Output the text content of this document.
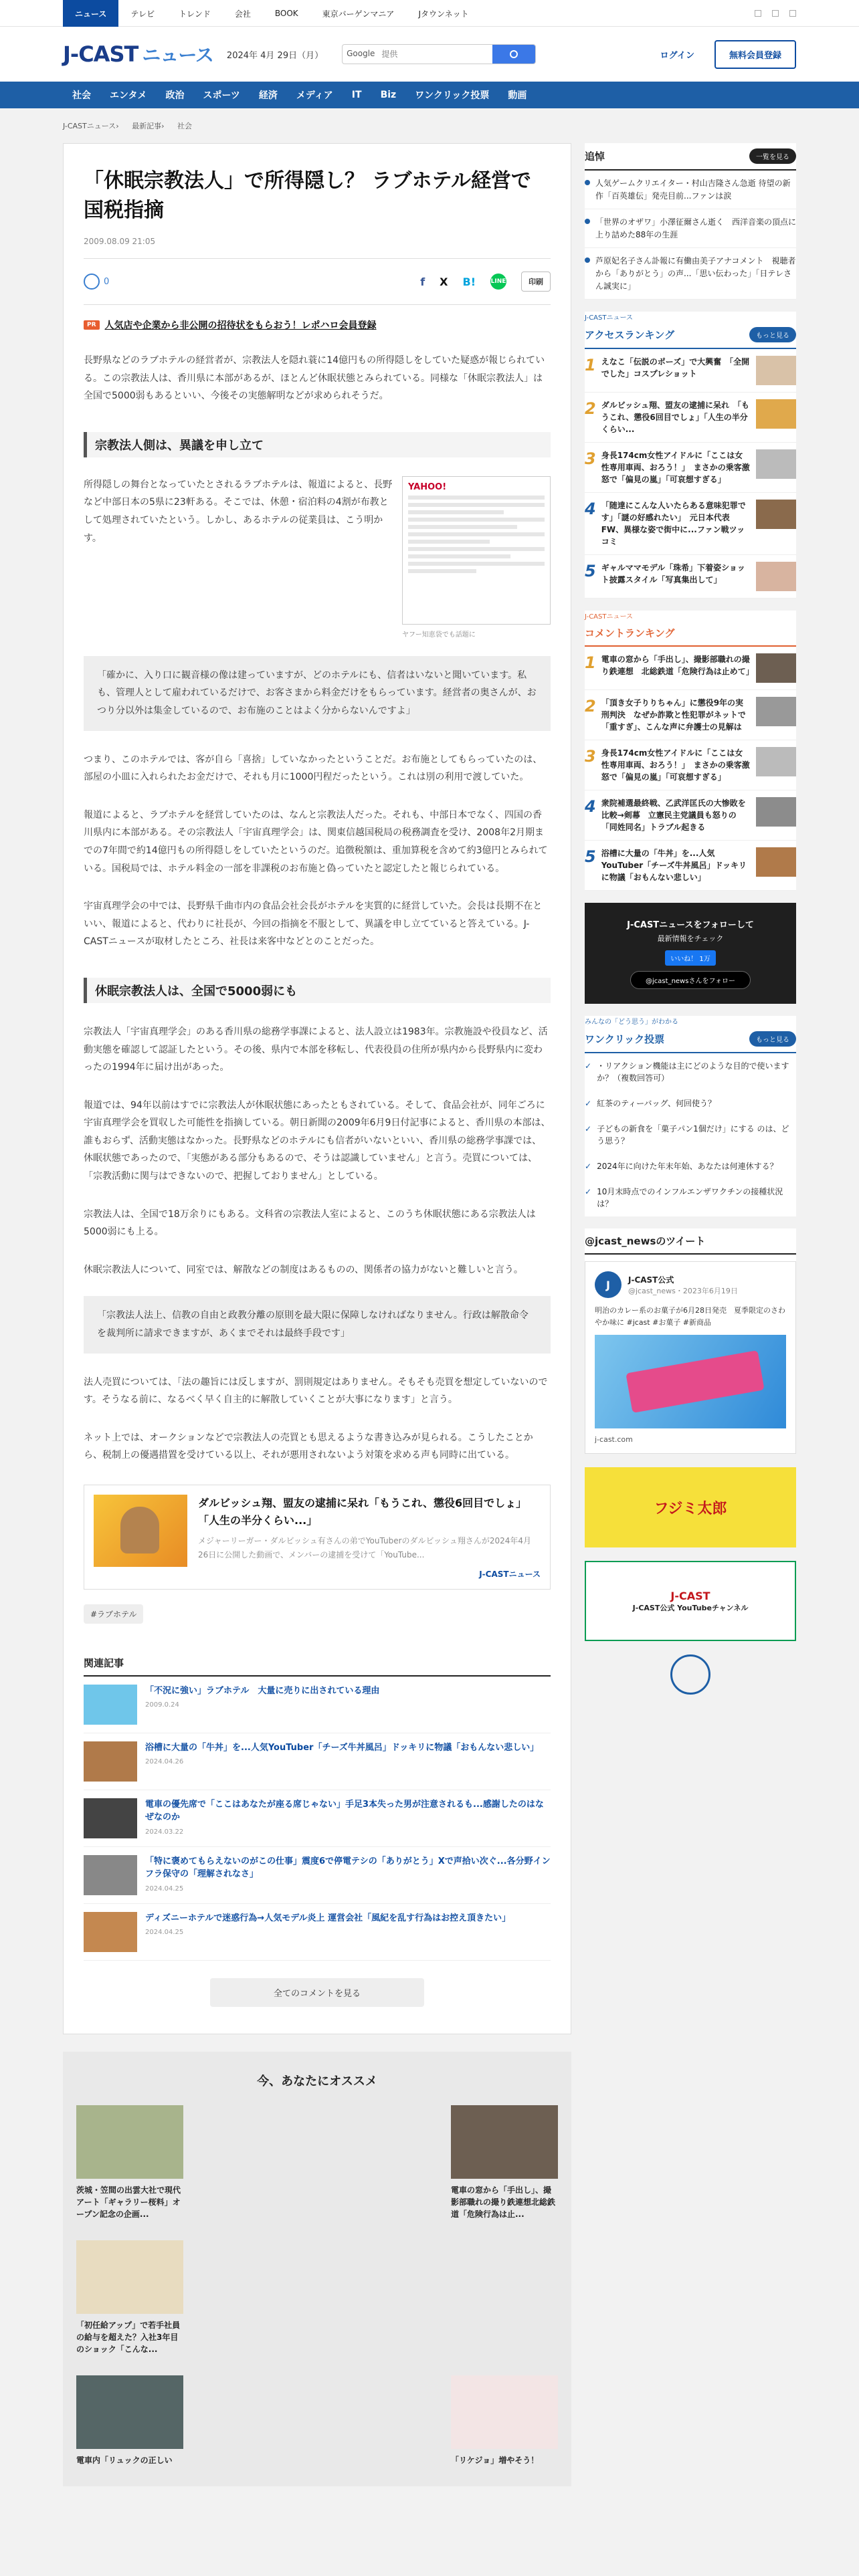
ニュース	テレビ	トレンド	会社	BOOK	東京バーゲンマニア	Jタウンネット
J-CAST ニュース 2024年 4月 29日（月）	Google
提供	ログイン	無料会員登録
社会	エンタメ	政治	スポーツ	経済	メディア	IT	Biz	ワンクリック投票	動画
J-CASTニュース› 最新記事› 社会
「休眠宗教法人」で所得隠し？ ラブホテル経営で国税指摘
2009.08.09 21:05
0	f X B!	LINE	印刷
PR 人気店や企業から非公開の招待状をもらおう！レポハロ会員登録

長野県などのラブホテルの経営者が、宗教法人を隠れ蓑に14億円もの所得隠しをしていた疑惑が報じられている。この宗教法人は、香川県に本部があるが、ほとんど休眠状態とみられている。同様な「休眠宗教法人」は全国で5000弱もあるといい、今後その実態解明などが求められそうだ。

宗教法人側は、異議を申し立て

所得隠しの舞台となっていたとされるラブホテルは、報道によると、長野など中部日本の5県に23軒ある。そこでは、休憩・宿泊料の4割が布教として処理されていたという。しかし、あるホテルの従業員は、こう明かす。

YAHOO!
ヤフー知恵袋でも話題に
「確かに、入り口に観音様の像は建っていますが、どのホテルにも、信者はいないと聞いています。私も、管理人として雇われているだけで、お客さまから料金だけをもらっています。経営者の奥さんが、おつり分以外は集金しているので、お布施のことはよく分からないんですよ」

つまり、このホテルでは、客が自ら「喜捨」していなかったということだ。お布施としてもらっていたのは、部屋の小皿に入れられたお金だけで、それも月に1000円程だったという。これは別の利用で渡していた。

報道によると、ラブホテルを経営していたのは、なんと宗教法人だった。それも、中部日本でなく、四国の香川県内に本部がある。その宗教法人「宇宙真理学会」は、関東信越国税局の税務調査を受け、2008年2月期までの7年間で約14億円もの所得隠しをしていたというのだ。追徴税額は、重加算税を含めて約3億円とみられている。国税局では、ホテル料金の一部を非課税のお布施と偽っていたと認定したと報じられている。

宇宙真理学会の中では、長野県千曲市内の食品会社会長がホテルを実質的に経営していた。会長は長期不在といい、報道によると、代わりに社長が、今回の指摘を不服として、異議を申し立てていると答えている。J-CASTニュースが取材したところ、社長は来客中などとのことだった。

休眠宗教法人は、全国で5000弱にも

宗教法人「宇宙真理学会」のある香川県の総務学事課によると、法人設立は1983年。宗教施設や役員など、活動実態を確認して認証したという。その後、県内で本部を移転し、代表役員の住所が県内から長野県内に変わったの1994年に届け出があった。

報道では、94年以前はすでに宗教法人が休眠状態にあったともされている。そして、食品会社が、同年ごろに宇宙真理学会を買収した可能性を指摘している。朝日新聞の2009年6月9日付記事によると、香川県の本部は、誰もおらず、活動実態はなかった。長野県などのホテルにも信者がいないといい、香川県の総務学事課では、休眠状態であったので、「実態がある部分もあるので、そうは認識していません」と言う。売買については、「宗教活動に関与はできないので、把握しておりません」としている。

宗教法人は、全国で18万余りにもある。文科省の宗教法人室によると、このうち休眠状態にある宗教法人は5000弱にも上る。

休眠宗教法人について、同室では、解散などの制度はあるものの、関係者の協力がないと難しいと言う。

「宗教法人法上、信教の自由と政教分離の原則を最大限に保障しなければなりません。行政は解散命令を裁判所に請求できますが、あくまでそれは最終手段です」

法人売買については、「法の趣旨には反しますが、罰則規定はありません。そもそも売買を想定していないのです。そうなる前に、なるべく早く自主的に解散していくことが大事になります」と言う。

ネット上では、オークションなどで宗教法人の売買とも思えるような書き込みが見られる。こうしたことから、税制上の優遇措置を受けている以上、それが悪用されないよう対策を求める声も同時に出ている。

ダルビッシュ翔、盟友の逮捕に呆れ「もうこれ、懲役6回目でしょ」「人生の半分くらい...」
メジャーリーガー・ダルビッシュ有さんの弟でYouTuberのダルビッシュ翔さんが2024年4月26日に公開した動画で、メンバーの逮捕を受けて「YouTube...
J-CASTニュース
#ラブホテル
関連記事
「不況に強い」ラブホテル　大量に売りに出されている理由
2009.0.24
浴槽に大量の「牛丼」を...人気YouTuber「チーズ牛丼風呂」ドッキリに物議「おもんない悲しい」
2024.04.26
電車の優先席で「ここはあなたが座る席じゃない」手足3本失った男が注意されるも...感謝したのはなぜなのか
2024.03.22
「特に褒めてもらえないのがこの仕事」震度6で停電テシの「ありがとう」Xで声拾い次ぐ...各分野インフラ保守の「理解されなさ」
2024.04.25
ディズニーホテルで迷惑行為→人気モデル炎上 運営会社「風紀を乱す行為はお控え頂きたい」
2024.04.25
全てのコメントを見る
今、あなたにオススメ
茨城・笠間の出雲大社で現代アート「ギャラリー桜料」オープン記念の企画...
電車の窓から「手出し」、撮影部職れの撮り鉄連想北総鉄道「危険行為は止...
「初任給アップ」で若手社員の給与を超えた？入社3年目のショック「こんな...
電車内「リュックの正しい	「リケジョ」増やそう！
追悼	一覧を見る
人気ゲームクリエイター・村山吉隆さん急逝 待望の新作「百英雄伝」発売目前...ファンは涙
「世界のオザワ」小澤征爾さん逝く　西洋音楽の頂点に上り詰めた88年の生涯
芦原妃名子さん訃報に有働由美子アナコメント　視聴者から「ありがとう」の声...「思い伝わった」「日テレさん誠実に」
J-CASTニュース
アクセスランキング	もっと見る
1 えなこ「伝説のポーズ」で大興奮　「全開でした」コスプレショット
2 ダルビッシュ翔、盟友の逮捕に呆れ　「もうこれ、懲役6回目でしょ」「人生の半分くらい...
3 身長174cm女性アイドルに「ここは女性専用車両、おろう！」　まさかの乗客激怒で「偏見の嵐」「可哀想すぎる」
4 「随達にこんな人いたらある意味犯罪です」「謎の好感れたい」　元日本代表FW、異様な姿で街中に...ファン戦ツッコミ
5 ギャルママモデル「珠希」下着姿ショット披露スタイル「写真集出して」
J-CASTニュース
コメントランキング
1 電車の窓から「手出し」、撮影部職れの撮り鉄連想　北総鉄道「危険行為は止めて」
2 「頂き女子りりちゃん」に懲役9年の実刑判決　なぜか詐欺と性犯罪がネットで「重すぎ」、こんな声に弁護士の見解は
3 身長174cm女性アイドルに「ここは女性専用車両、おろう！」　まさかの乗客激怒で「偏見の嵐」「可哀想すぎる」
4 衆院補選最終戦、乙武洋匡氏の大惨敗を比較→剣幕　立憲民主党議員も怒りの「同姓同名」トラブル起きる
5 浴槽に大量の「牛丼」を...人気YouTuber「チーズ牛丼風呂」ドッキリに物議「おもんない悲しい」
J-CASTニュースをフォローして
最新情報をチェック
いいね！ 1万
@jcast_newsさんをフォロー
みんなの「どう思う」がわかる
ワンクリック投票	もっと見る
✓ ・リアクション機能は主にどのような目的で使いますか？（複数回答可）
✓ 紅茶のティーバッグ、何回使う？
✓ 子どもの新食を「菓子パン1個だけ」にする のは、どう思う？
✓ 2024年に向けた年末年始、あなたは何連休する？
✓ 10月末時点でのインフルエンザワクチンの接種状況は？
@jcast_newsのツイート
J	J-CAST公式
@jcast_news・2023年6月19日
明治のカレー系のお菓子が6月28日発売　夏季限定のさわやか味に #jcast #お菓子 #新商品
j-cast.com
フジミ太郎
J-CAST
J-CAST公式 YouTubeチャンネル
